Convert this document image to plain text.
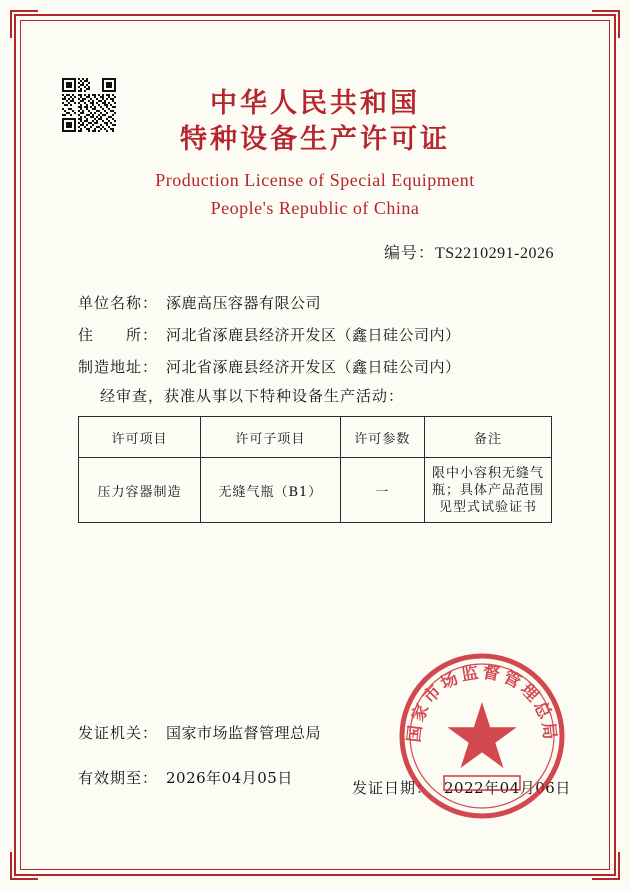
中华人民共和国
特种设备生产许可证
Production License of Special Equipment
People's Republic of China
编号：TS2210291-2026
单位名称： 涿鹿高压容器有限公司
住　　所： 河北省涿鹿县经济开发区（鑫日硅公司内）
制造地址： 河北省涿鹿县经济开发区（鑫日硅公司内）
经审查，获准从事以下特种设备生产活动：
许可项目	许可子项目	许可参数	备注
压力容器制造	无缝气瓶（B1）	一	限中小容积无缝气瓶；具体产品范围见型式试验证书
发证机关： 国家市场监督管理总局
有效期至： 2026年04月05日
发证日期： 2022年04月06日
国家市场监督管理总局
